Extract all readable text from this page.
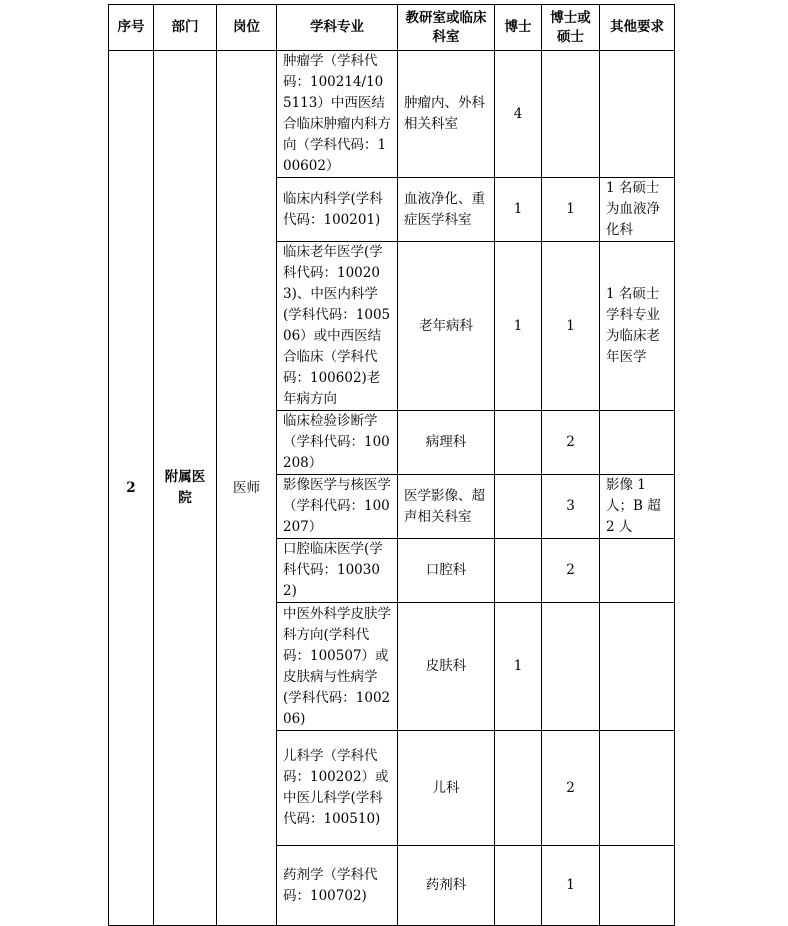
序号	部门	岗位	学科专业	教研室或临床科室	博士	博士或硕士	其他要求
2	附属医院	医师	肿瘤学（学科代码：100214/105113）中西医结合临床肿瘤内科方向（学科代码：100602）	肿瘤内、外科相关科室	4		
			临床内科学(学科代码：100201)	血液净化、重症医学科室	1	1	1 名硕士为血液净化科
			临床老年医学(学科代码：100203)、中医内科学(学科代码：100506）或中西医结合临床（学科代码：100602)老年病方向	老年病科	1	1	1 名硕士学科专业为临床老年医学
			临床检验诊断学（学科代码：100208）	病理科		2	
			影像医学与核医学（学科代码：100207）	医学影像、超声相关科室		3	影像 1 人；B 超 2 人
			口腔临床医学(学科代码：100302)	口腔科		2	
			中医外科学皮肤学科方向(学科代码：100507）或皮肤病与性病学(学科代码：100206)	皮肤科	1		
			儿科学（学科代码：100202）或中医儿科学(学科代码：100510)	儿科		2	
			药剂学（学科代码：100702)	药剂科		1	
